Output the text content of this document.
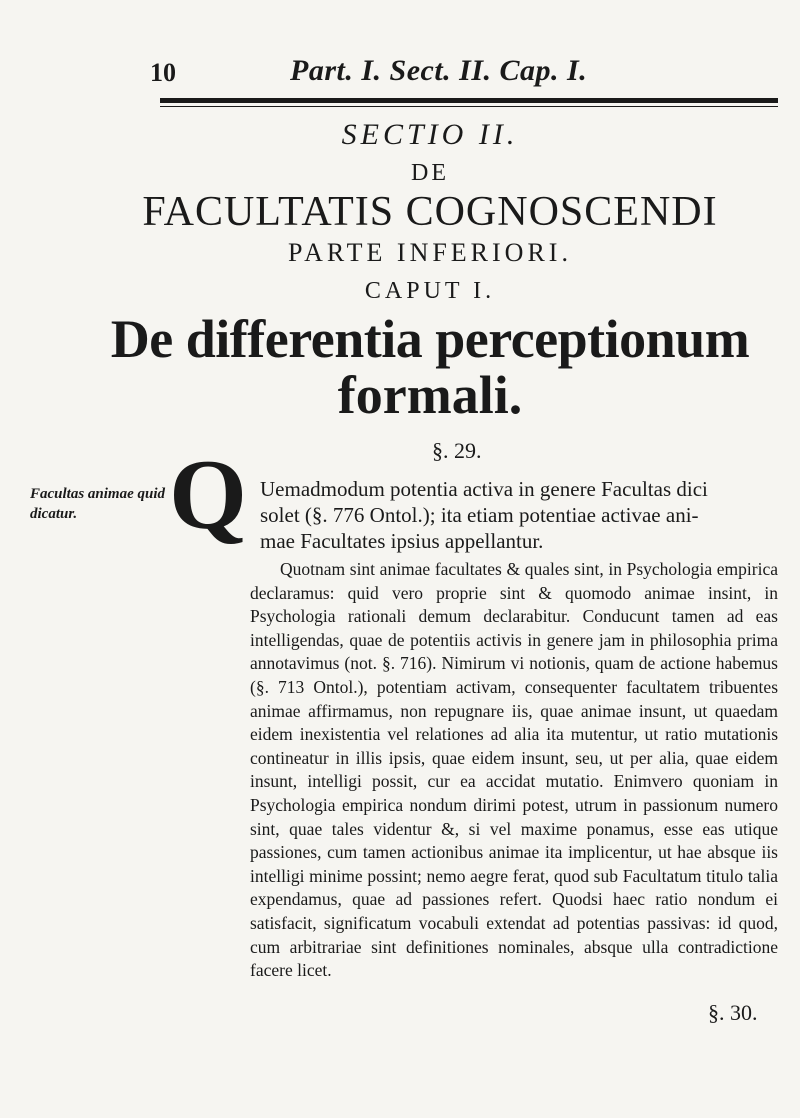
10	Part. I. Sect. II. Cap. I.
SECTIO II.
DE
FACULTATIS COGNOSCENDI
PARTE INFERIORI.
CAPUT I.
De differentia perceptionum
formali.
§. 29.
Facultas animae quid dicatur. Q Uemadmodum potentia activa in genere Facultas dici
solet (§. 776 Ontol.); ita etiam potentiae activae ani-
mae Facultates ipsius appellantur.

Quotnam sint animae facultates & quales sint, in Psychologia empirica declaramus: quid vero proprie sint & quomodo animae insint, in Psychologia rationali demum declarabitur. Conducunt tamen ad eas intelligendas, quae de potentiis activis in genere jam in philosophia prima annotavimus (not. §. 716). Nimirum vi notionis, quam de actione habemus (§. 713 Ontol.), potentiam activam, consequenter facultatem tribuentes animae affirmamus, non repugnare iis, quae animae insunt, ut quaedam eidem inexistentia vel relationes ad alia ita mutentur, ut ratio mutationis contineatur in illis ipsis, quae eidem insunt, seu, ut per alia, quae eidem insunt, intelligi possit, cur ea accidat mutatio. Enimvero quoniam in Psychologia empirica nondum dirimi potest, utrum in passionum numero sint, quae tales videntur &, si vel maxime ponamus, esse eas utique passiones, cum tamen actionibus animae ita implicentur, ut hae absque iis intelligi minime possint; nemo aegre ferat, quod sub Facultatum titulo talia expendamus, quae ad passiones refert. Quodsi haec ratio nondum ei satisfacit, significatum vocabuli extendat ad potentias passivas: id quod, cum arbitrariae sint definitiones nominales, absque ulla contradictione facere licet.

§. 30.
